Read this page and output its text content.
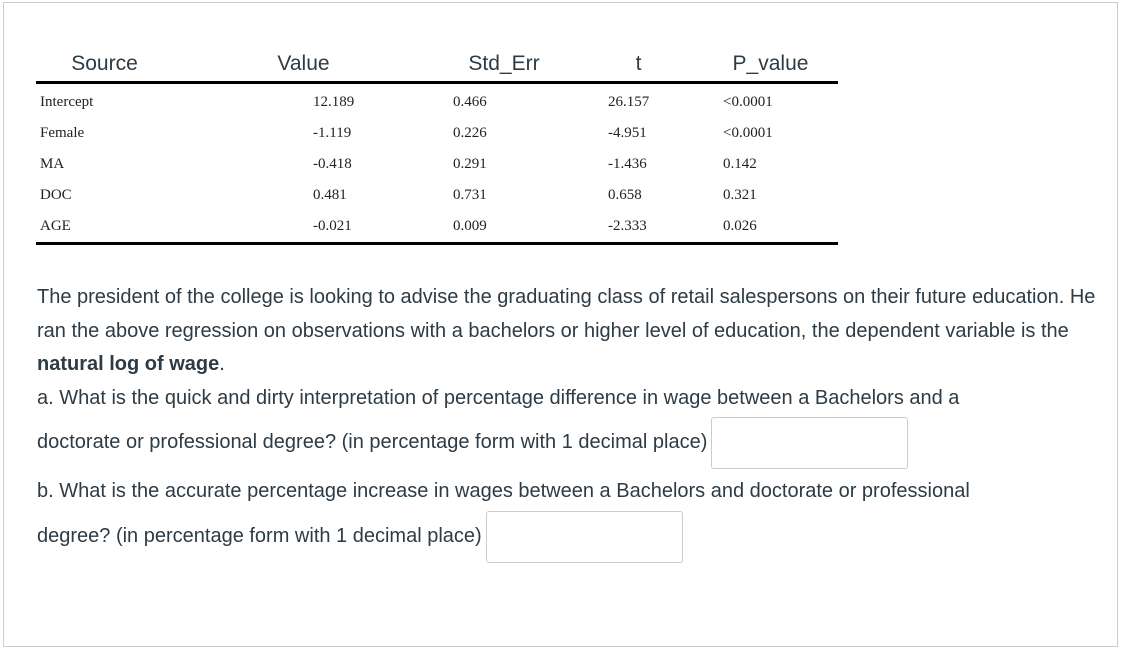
Source	Value	Std_Err	t	P_value
Intercept	12.189	0.466	26.157	<0.0001
Female	-1.119	0.226	-4.951	<0.0001
MA	-0.418	0.291	-1.436	0.142
DOC	0.481	0.731	0.658	0.321
AGE	-0.021	0.009	-2.333	0.026

The president of the college is looking to advise the graduating class of retail salespersons on their future education. He ran the above regression on observations with a bachelors or higher level of education, the dependent variable is the natural log of wage.

a. What is the quick and dirty interpretation of percentage difference in wage between a Bachelors and a

doctorate or professional degree? (in percentage form with 1 decimal place)

b. What is the accurate percentage increase in wages between a Bachelors and doctorate or professional

degree? (in percentage form with 1 decimal place)
